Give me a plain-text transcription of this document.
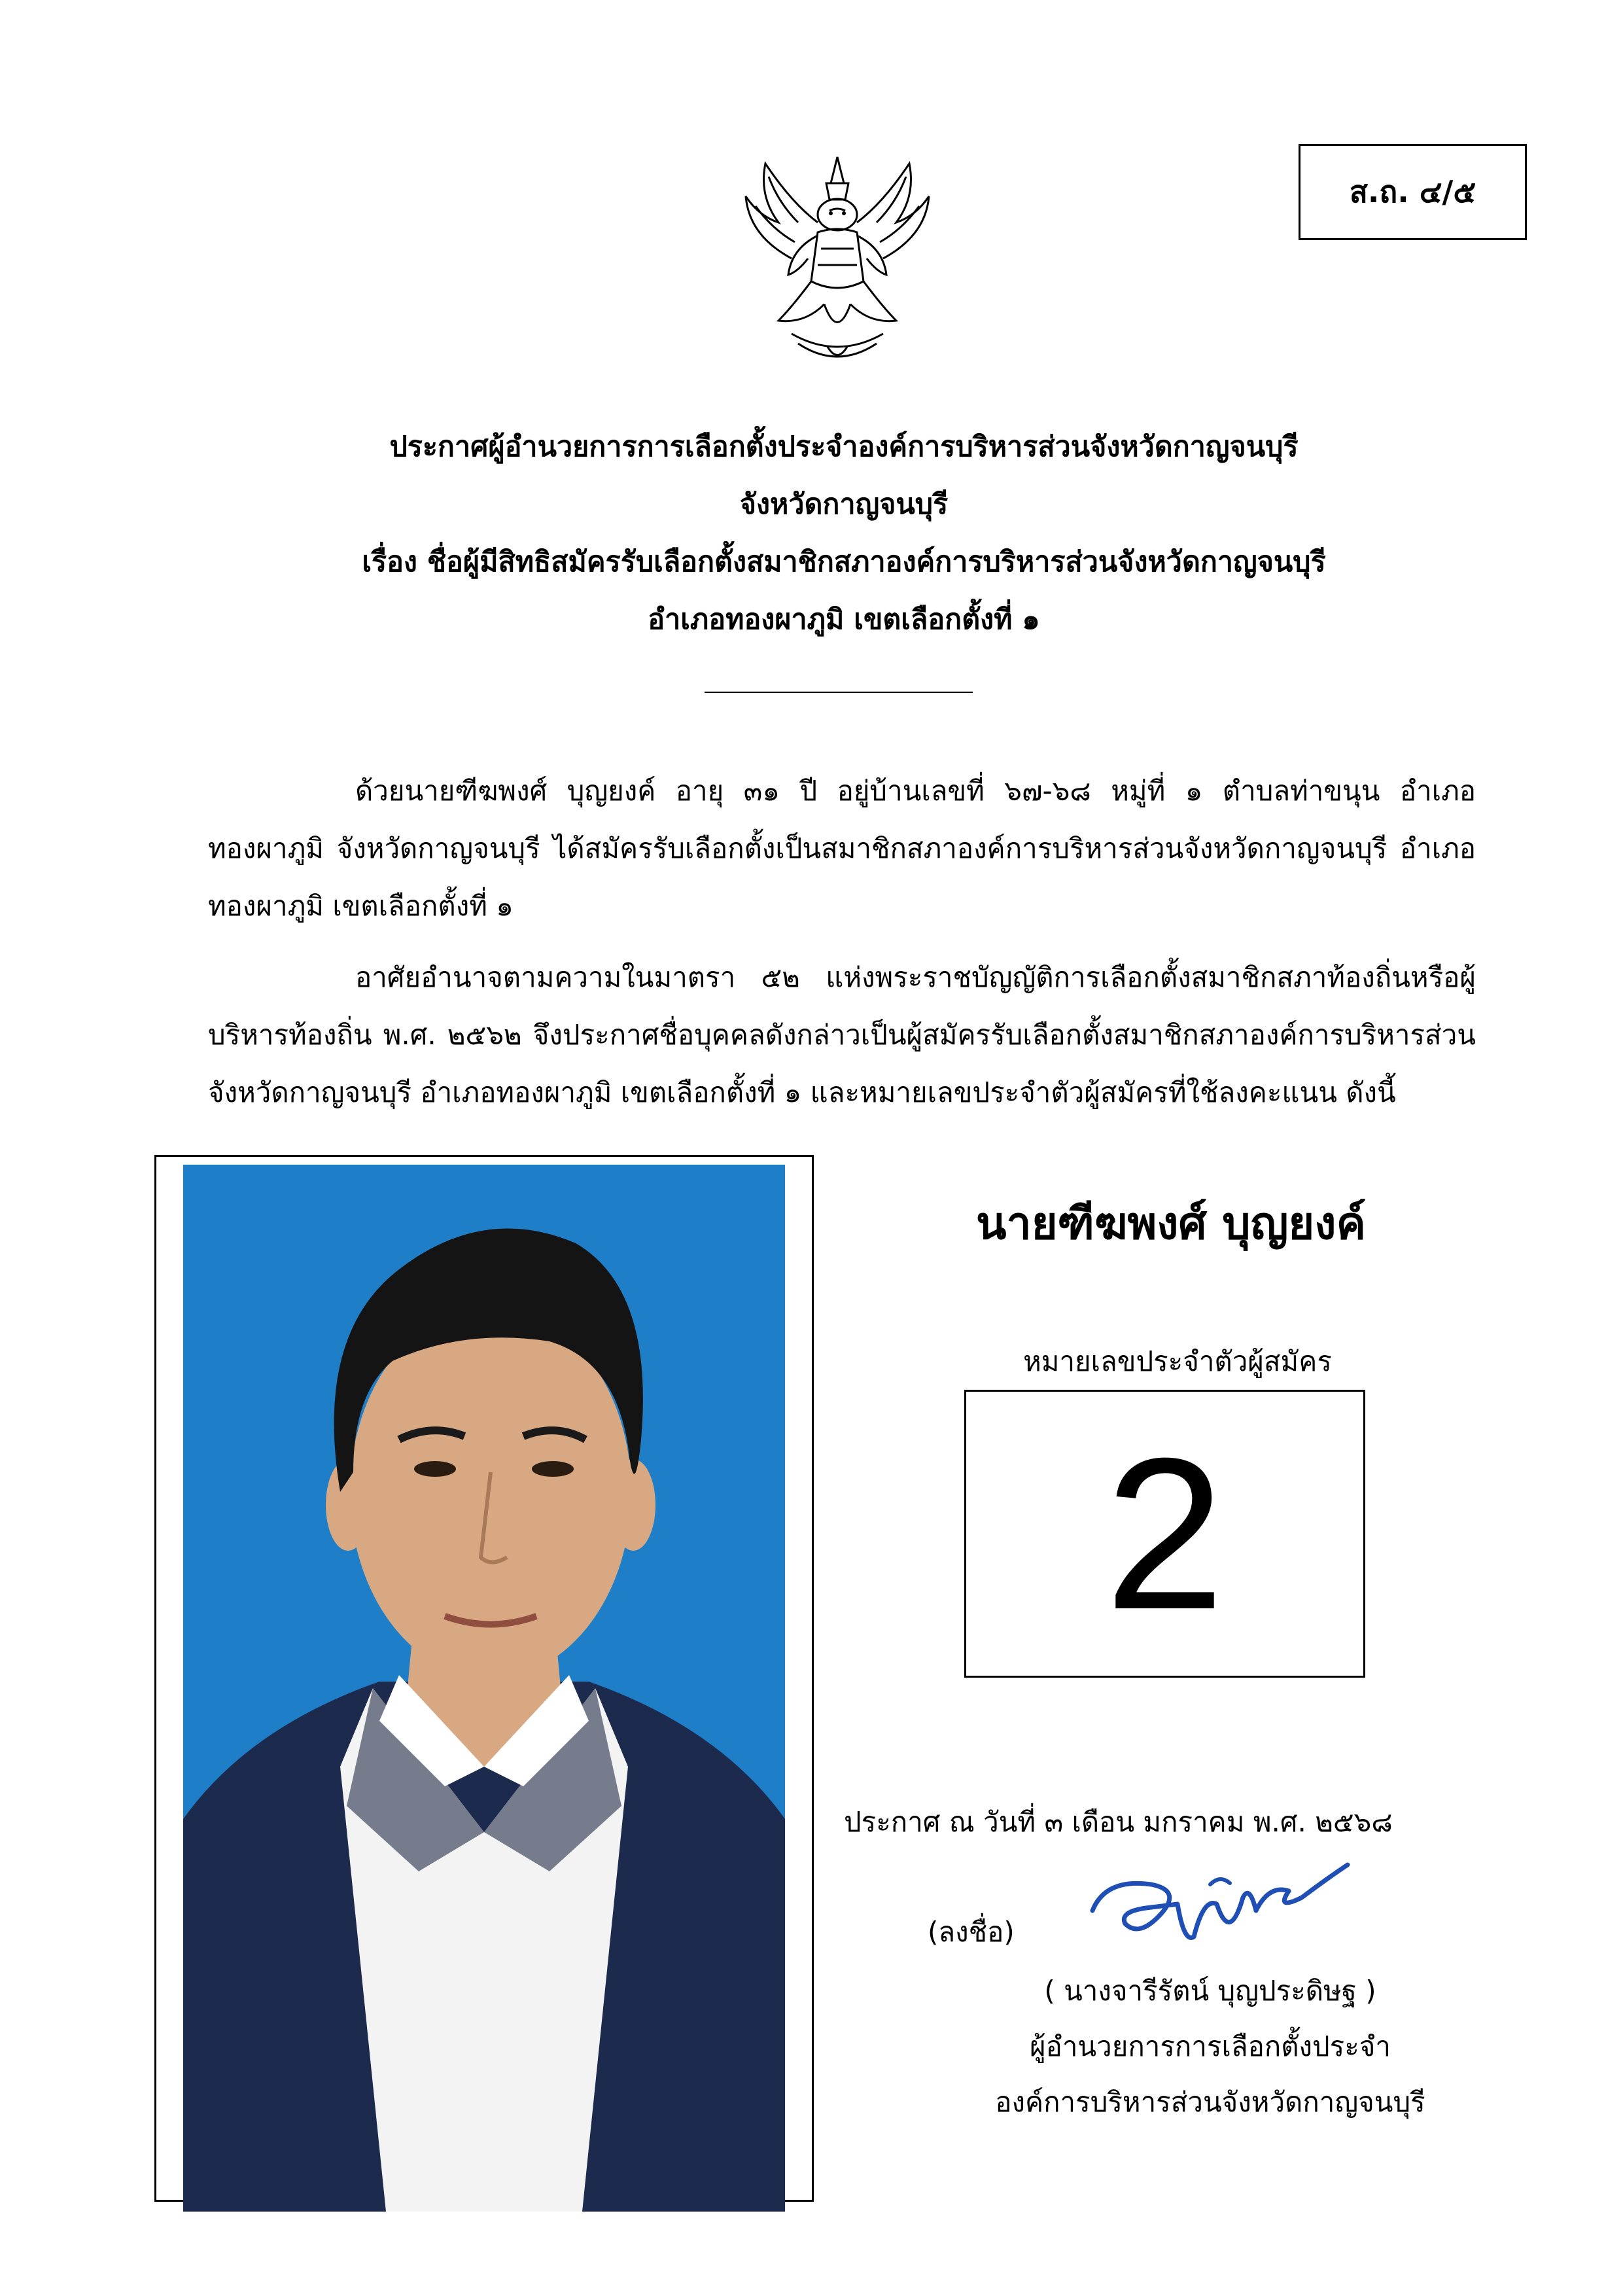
ส.ถ. ๔/๕
ประกาศผู้อำนวยการการเลือกตั้งประจำองค์การบริหารส่วนจังหวัดกาญจนบุรี
จังหวัดกาญจนบุรี
เรื่อง ชื่อผู้มีสิทธิสมัครรับเลือกตั้งสมาชิกสภาองค์การบริหารส่วนจังหวัดกาญจนบุรี
อำเภอทองผาภูมิ เขตเลือกตั้งที่ ๑
ด้วยนายฑีฆพงศ์ บุญยงค์ อายุ ๓๑ ปี อยู่บ้านเลขที่ ๖๗-๖๘ หมู่ที่ ๑ ตำบลท่าขนุน อำเภอทองผาภูมิ จังหวัดกาญจนบุรี ได้สมัครรับเลือกตั้งเป็นสมาชิกสภาองค์การบริหารส่วนจังหวัดกาญจนบุรี อำเภอทองผาภูมิ เขตเลือกตั้งที่ ๑
อาศัยอำนาจตามความในมาตรา ๕๒ แห่งพระราชบัญญัติการเลือกตั้งสมาชิกสภาท้องถิ่นหรือผู้บริหารท้องถิ่น พ.ศ. ๒๕๖๒ จึงประกาศชื่อบุคคลดังกล่าวเป็นผู้สมัครรับเลือกตั้งสมาชิกสภาองค์การบริหารส่วนจังหวัดกาญจนบุรี อำเภอทองผาภูมิ เขตเลือกตั้งที่ ๑ และหมายเลขประจำตัวผู้สมัครที่ใช้ลงคะแนน ดังนี้
นายฑีฆพงศ์ บุญยงค์
หมายเลขประจำตัวผู้สมัคร
2
ประกาศ ณ วันที่ ๓ เดือน มกราคม พ.ศ. ๒๕๖๘
(ลงชื่อ)
( นางจารีรัตน์ บุญประดิษฐ )
ผู้อำนวยการการเลือกตั้งประจำ
องค์การบริหารส่วนจังหวัดกาญจนบุรี
